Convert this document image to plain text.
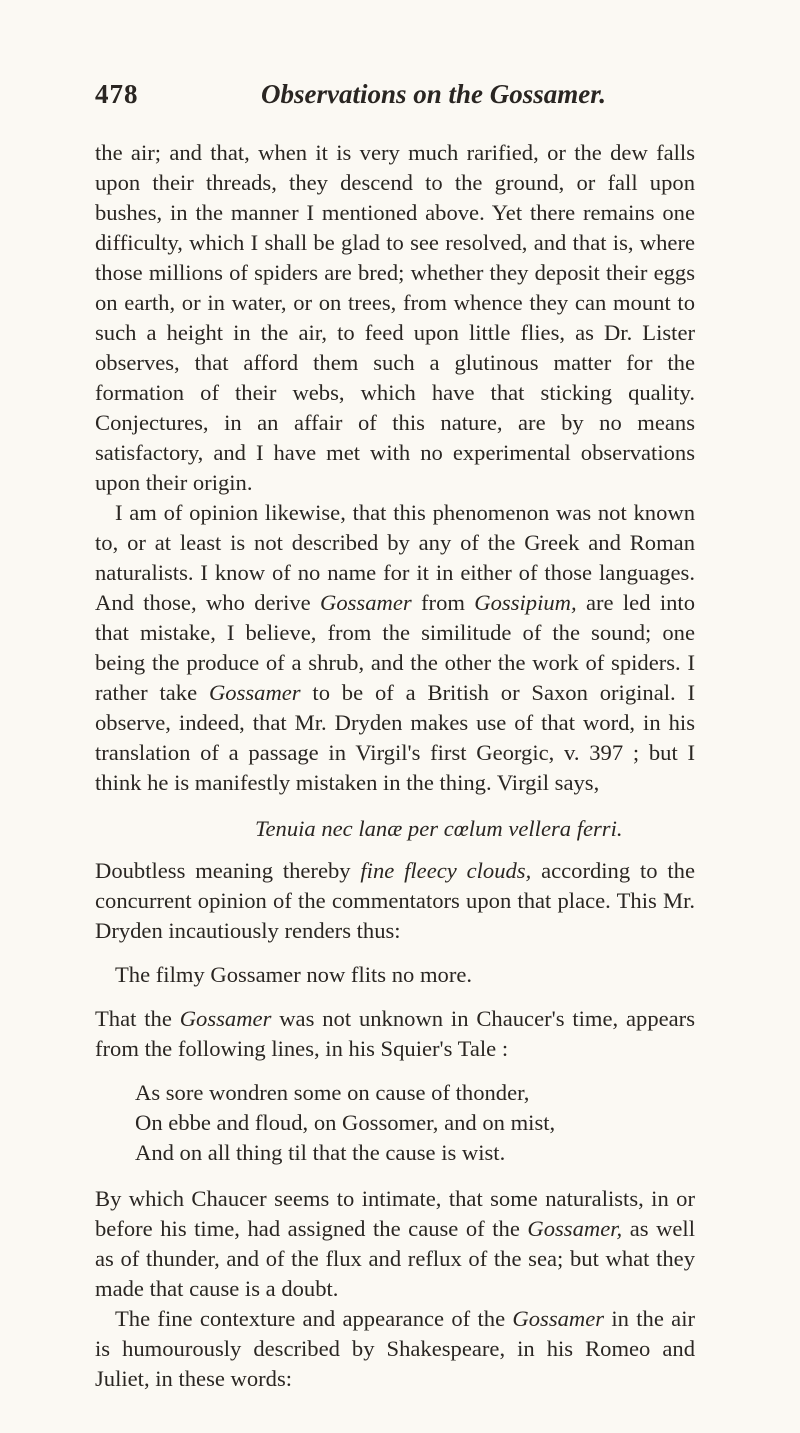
478	Observations on the Gossamer.

the air; and that, when it is very much rarified, or the dew falls upon their threads, they descend to the ground, or fall upon bushes, in the manner I mentioned above. Yet there remains one difficulty, which I shall be glad to see resolved, and that is, where those millions of spiders are bred; whether they deposit their eggs on earth, or in water, or on trees, from whence they can mount to such a height in the air, to feed upon little flies, as Dr. Lister observes, that afford them such a glutinous matter for the formation of their webs, which have that sticking quality. Conjectures, in an affair of this nature, are by no means satisfactory, and I have met with no experimental observations upon their origin.

I am of opinion likewise, that this phenomenon was not known to, or at least is not described by any of the Greek and Roman naturalists. I know of no name for it in either of those languages. And those, who derive Gossamer from Gossipium, are led into that mistake, I believe, from the similitude of the sound; one being the produce of a shrub, and the other the work of spiders. I rather take Gossamer to be of a British or Saxon original. I observe, indeed, that Mr. Dryden makes use of that word, in his translation of a passage in Virgil's first Georgic, v. 397 ; but I think he is manifestly mistaken in the thing. Virgil says,

Tenuia nec lanæ per cœlum vellera ferri.

Doubtless meaning thereby fine fleecy clouds, according to the concurrent opinion of the commentators upon that place. This Mr. Dryden incautiously renders thus:

The filmy Gossamer now flits no more.

That the Gossamer was not unknown in Chaucer's time, appears from the following lines, in his Squier's Tale :

As sore wondren some on cause of thonder,

On ebbe and floud, on Gossomer, and on mist,

And on all thing til that the cause is wist.

By which Chaucer seems to intimate, that some naturalists, in or before his time, had assigned the cause of the Gossamer, as well as of thunder, and of the flux and reflux of the sea; but what they made that cause is a doubt.

The fine contexture and appearance of the Gossamer in the air is humourously described by Shakespeare, in his Romeo and Juliet, in these words:
